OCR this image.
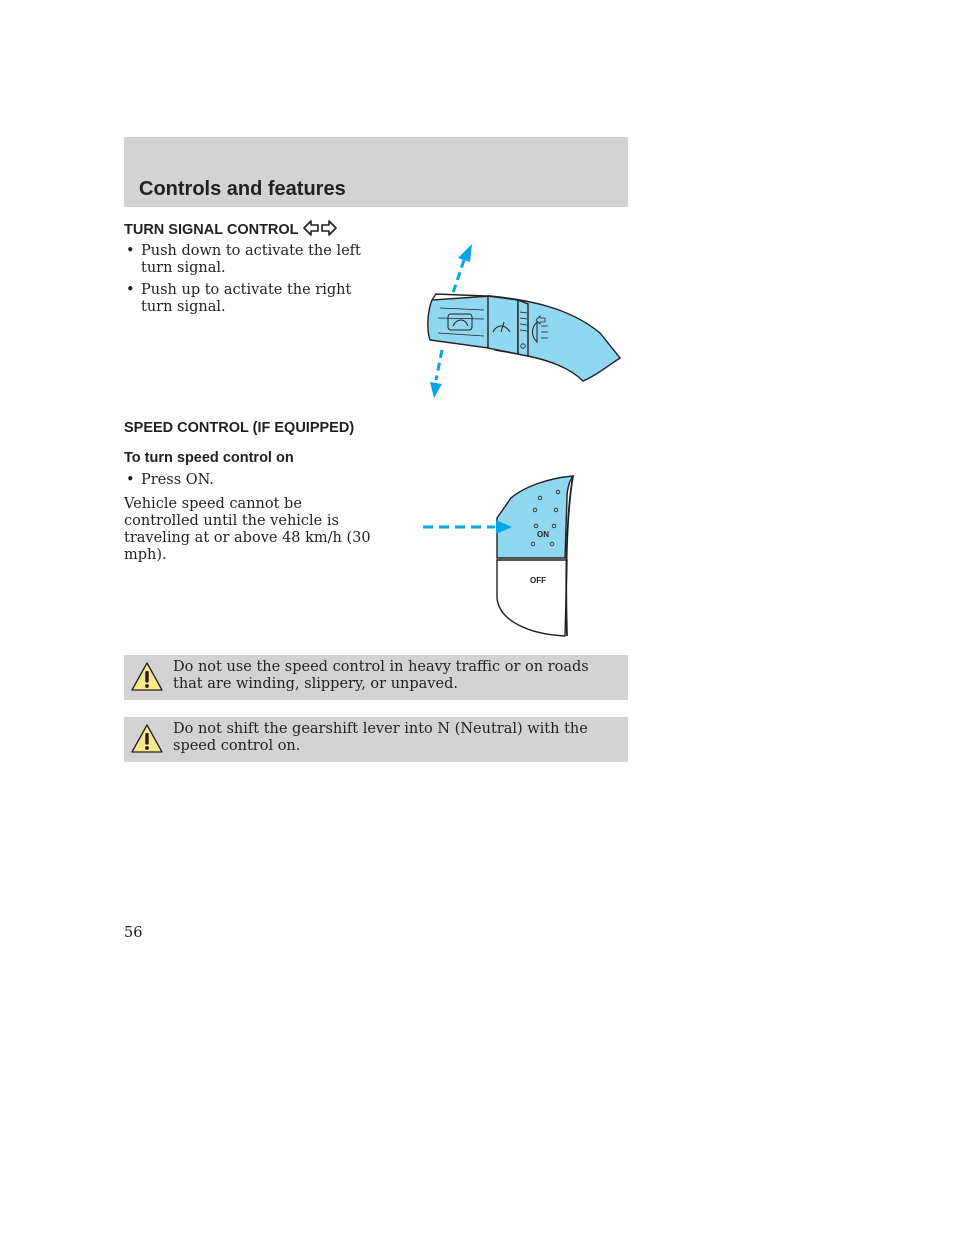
Controls and features
TURN SIGNAL CONTROL
• Push down to activate the left turn signal.
• Push up to activate the right turn signal.
SPEED CONTROL (IF EQUIPPED)
To turn speed control on
• Press ON.

Vehicle speed cannot be controlled until the vehicle is traveling at or above 48 km/h (30 mph).

ON
OFF

Do not use the speed control in heavy traffic or on roads that are winding, slippery, or unpaved.

Do not shift the gearshift lever into N (Neutral) with the speed control on.

56
